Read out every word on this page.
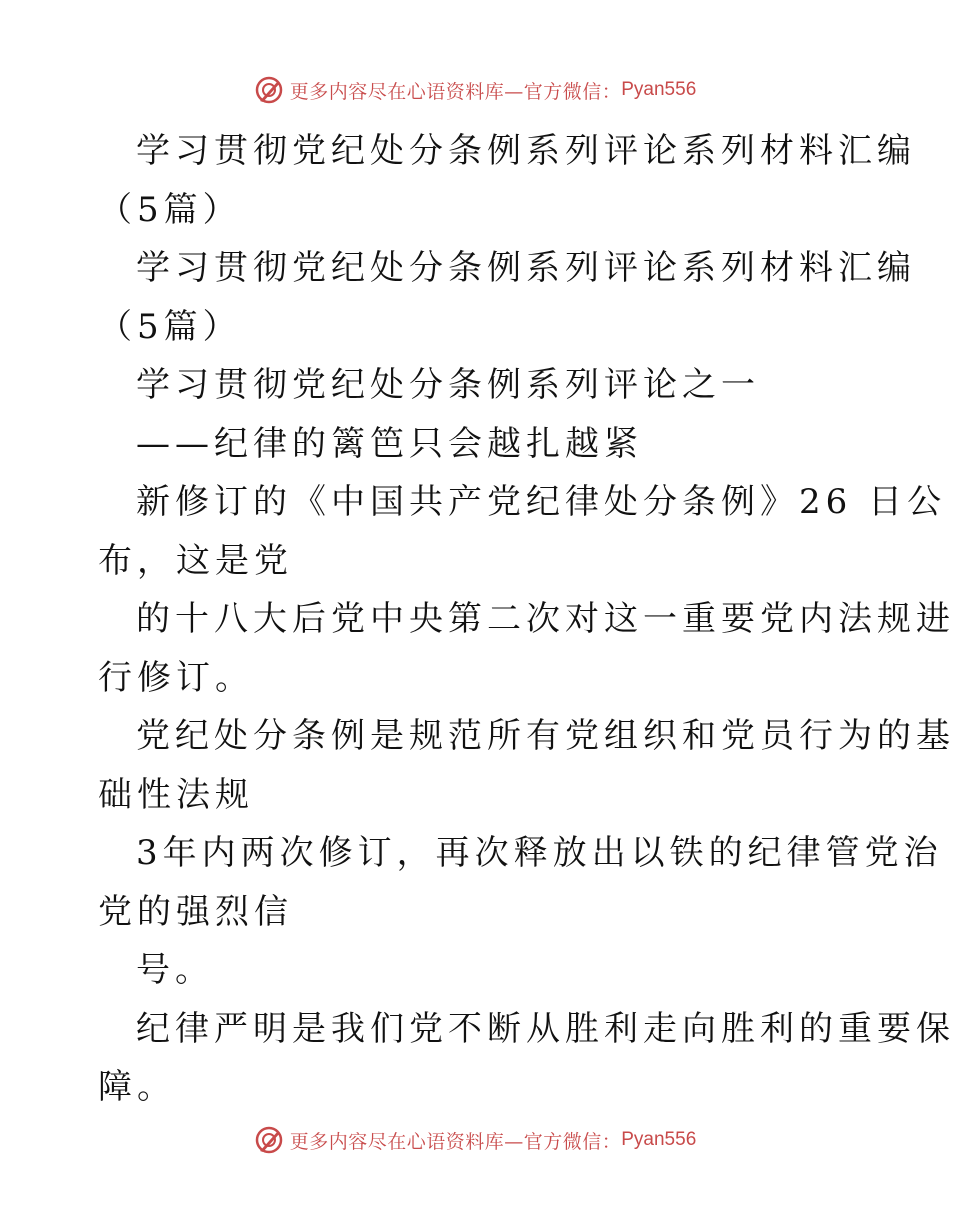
更多内容尽在心语资料库—官方微信： Pyan556
学习贯彻党纪处分条例系列评论系列材料汇编
（5篇）
学习贯彻党纪处分条例系列评论系列材料汇编
（5篇）
学习贯彻党纪处分条例系列评论之一
——纪律的篱笆只会越扎越紧
新修订的《中国共产党纪律处分条例》26 日公
布，这是党
的十八大后党中央第二次对这一重要党内法规进
行修订。
党纪处分条例是规范所有党组织和党员行为的基
础性法规
3年内两次修订，再次释放出以铁的纪律管党治
党的强烈信
号。
纪律严明是我们党不断从胜利走向胜利的重要保
障。
更多内容尽在心语资料库—官方微信： Pyan556
